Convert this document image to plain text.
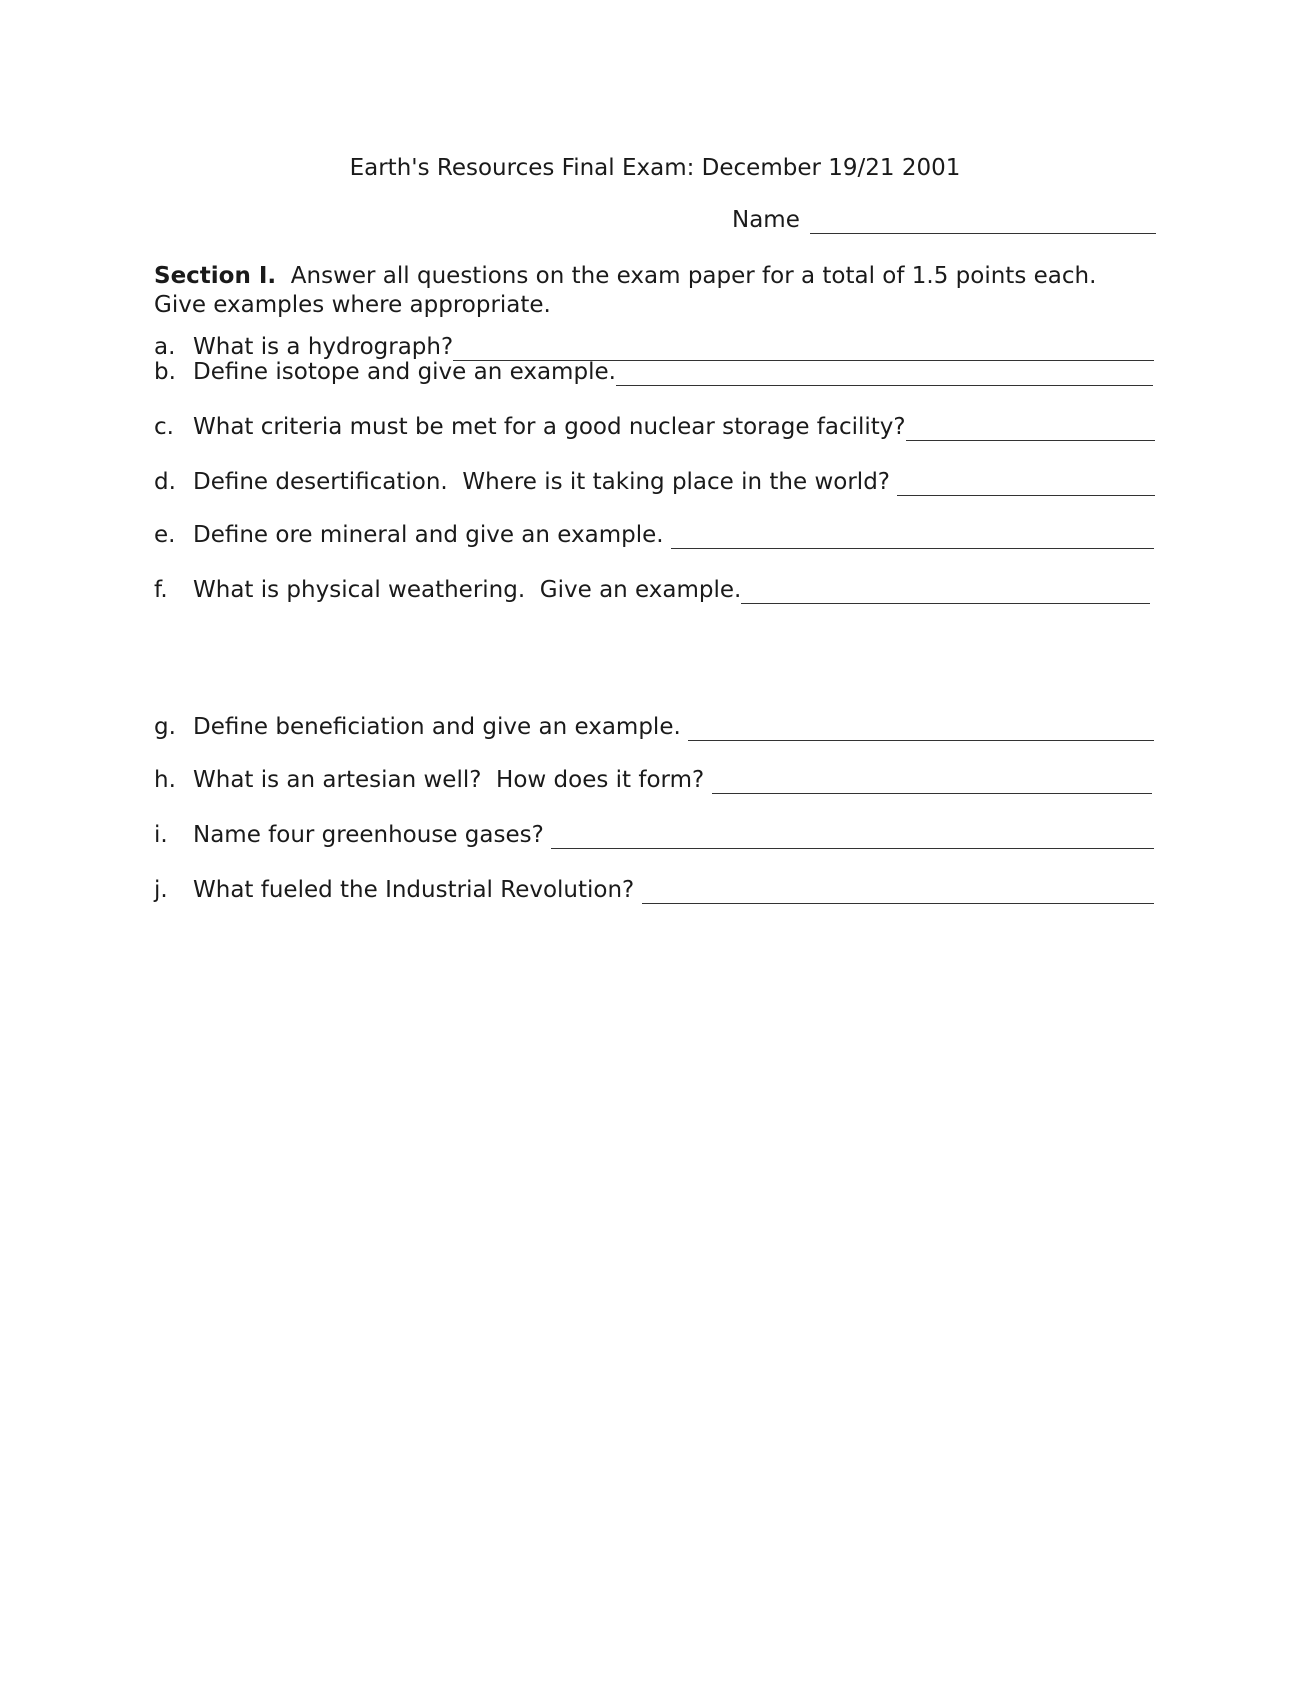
Earth's Resources Final Exam: December 19/21 2001
Name
Section I. Answer all questions on the exam paper for a total of 1.5 points each. Give examples where appropriate.
a. What is a hydrograph?
b. Define isotope and give an example.
c. What criteria must be met for a good nuclear storage facility?
d. Define desertification.  Where is it taking place in the world?
e. Define ore mineral and give an example.
f.	What is physical weathering.  Give an example.
g. Define beneficiation and give an example.
h. What is an artesian well?  How does it form?
i.	Name four greenhouse gases?
j.	What fueled the Industrial Revolution?
